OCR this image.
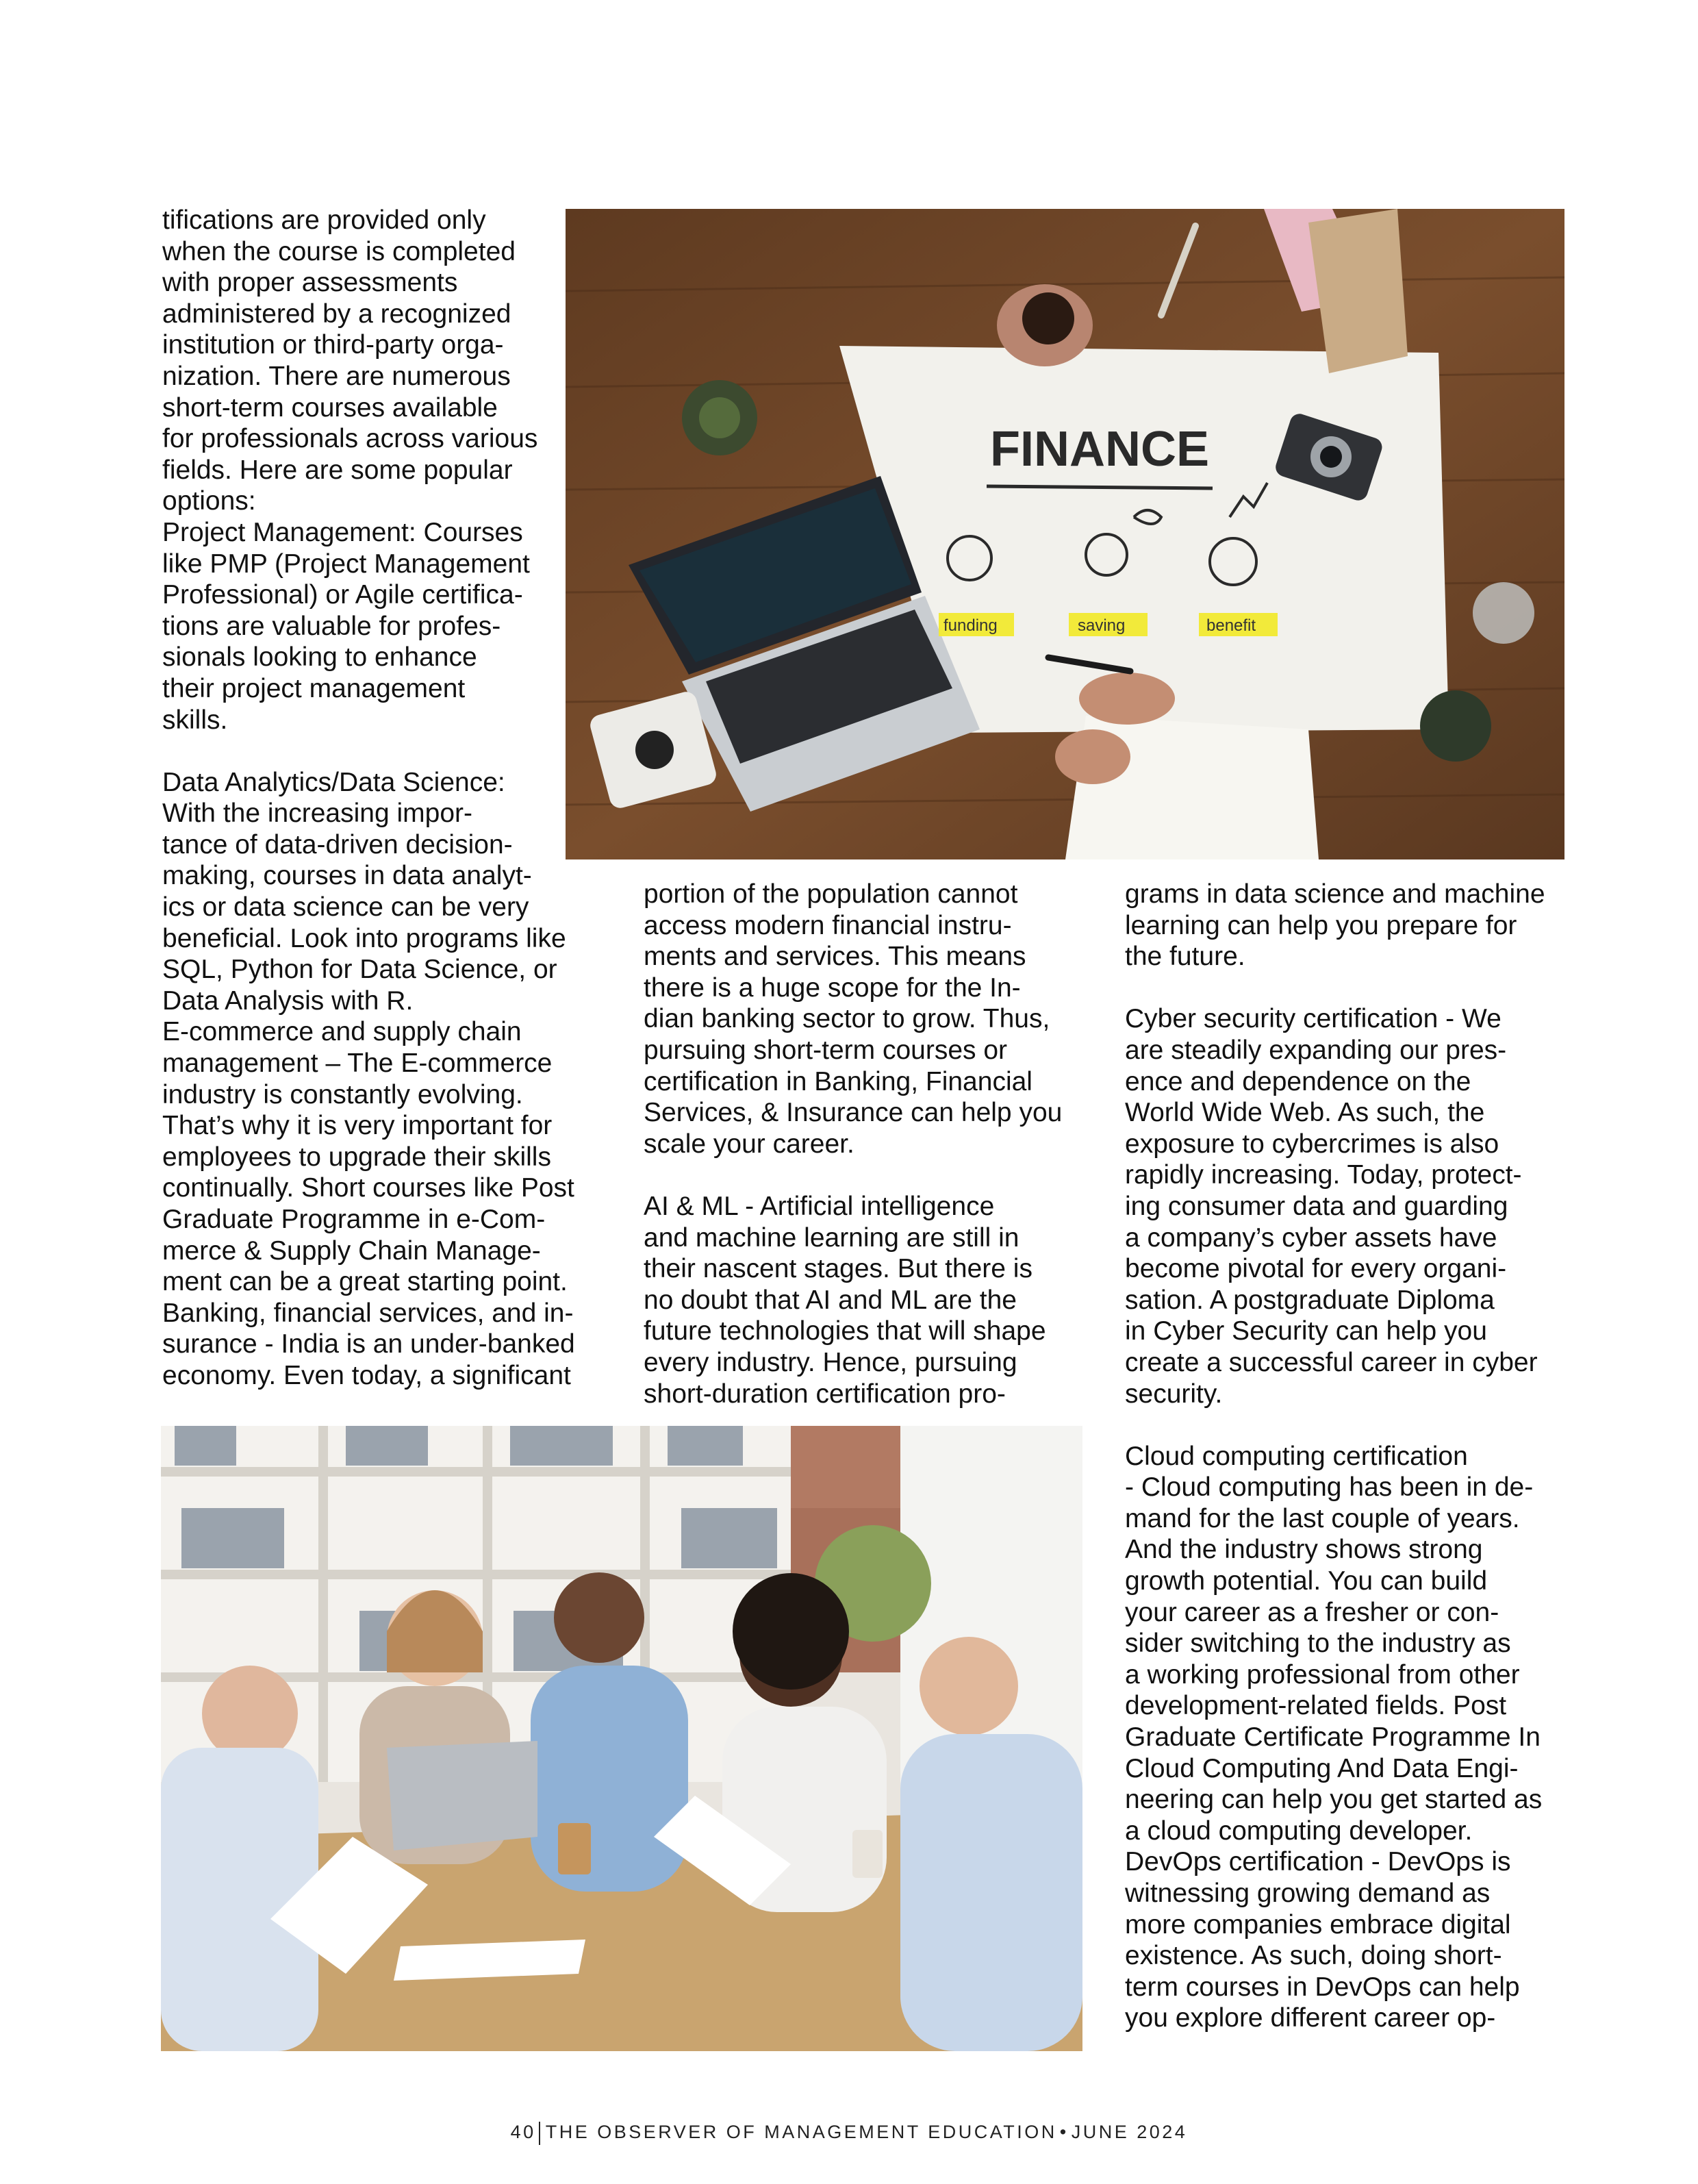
tifications are provided only
when the course is completed
with proper assessments
administered by a recognized
institution or third-party orga-
nization. There are numerous
short-term courses available
for professionals across various
fields. Here are some popular
options:
Project Management: Courses
like PMP (Project Management
Professional) or Agile certifica-
tions are valuable for profes-
sionals looking to enhance
their project management
skills.
Data Analytics/Data Science:
With the increasing impor-
tance of data-driven decision-
making, courses in data analyt-
ics or data science can be very
beneficial. Look into programs like
SQL, Python for Data Science, or
Data Analysis with R.
E-commerce and supply chain
management – The E-commerce
industry is constantly evolving.
That’s why it is very important for
employees to upgrade their skills
continually. Short courses like Post
Graduate Programme in e-Com-
merce & Supply Chain Manage-
ment can be a great starting point.
Banking, financial services, and in-
surance - India is an under-banked
economy. Even today, a significant
FINANCE
funding	saving	benefit
portion of the population cannot
access modern financial instru-
ments and services. This means
there is a huge scope for the In-
dian banking sector to grow. Thus,
pursuing short-term courses or
certification in Banking, Financial
Services, & Insurance can help you
scale your career.
AI & ML - Artificial intelligence
and machine learning are still in
their nascent stages. But there is
no doubt that AI and ML are the
future technologies that will shape
every industry. Hence, pursuing
short-duration certification pro-
grams in data science and machine
learning can help you prepare for
the future.
Cyber security certification - We
are steadily expanding our pres-
ence and dependence on the
World Wide Web. As such, the
exposure to cybercrimes is also
rapidly increasing. Today, protect-
ing consumer data and guarding
a company’s cyber assets have
become pivotal for every organi-
sation. A postgraduate Diploma
in Cyber Security can help you
create a successful career in cyber
security.
Cloud computing certification
- Cloud computing has been in de-
mand for the last couple of years.
And the industry shows strong
growth potential. You can build
your career as a fresher or con-
sider switching to the industry as
a working professional from other
development-related fields. Post
Graduate Certificate Programme In
Cloud Computing And Data Engi-
neering can help you get started as
a cloud computing developer.
DevOps certification - DevOps is
witnessing growing demand as
more companies embrace digital
existence. As such, doing short-
term courses in DevOps can help
you explore different career op-
40 THE OBSERVER OF MANAGEMENT EDUCATION • JUNE 2024
